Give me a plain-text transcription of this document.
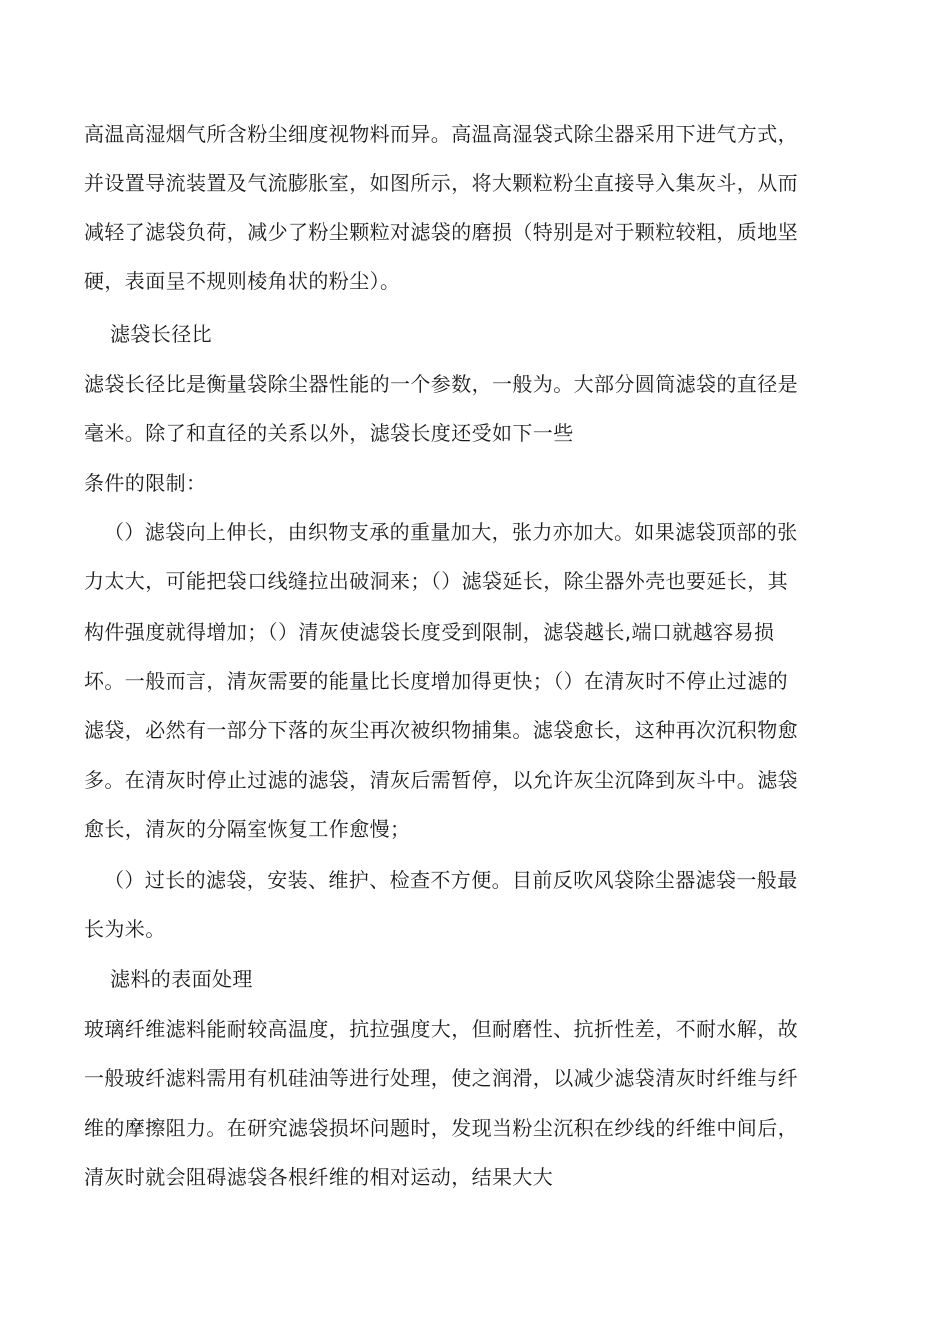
高温高湿烟气所含粉尘细度视物料而异。高温高湿袋式除尘器采用下进气方式，
并设置导流装置及气流膨胀室，如图所示，将大颗粒粉尘直接导入集灰斗，从而
减轻了滤袋负荷，减少了粉尘颗粒对滤袋的磨损（特别是对于颗粒较粗，质地坚
硬，表面呈不规则棱角状的粉尘）。
滤袋长径比
滤袋长径比是衡量袋除尘器性能的一个参数，一般为。大部分圆筒滤袋的直径是
毫米。除了和直径的关系以外，滤袋长度还受如下一些
条件的限制：
（）滤袋向上伸长，由织物支承的重量加大，张力亦加大。如果滤袋顶部的张
力太大，可能把袋口线缝拉出破洞来；（）滤袋延长，除尘器外壳也要延长，其
构件强度就得增加；（）清灰使滤袋长度受到限制，滤袋越长,端口就越容易损
坏。一般而言，清灰需要的能量比长度增加得更快；（）在清灰时不停止过滤的
滤袋，必然有一部分下落的灰尘再次被织物捕集。滤袋愈长，这种再次沉积物愈
多。在清灰时停止过滤的滤袋，清灰后需暂停，以允许灰尘沉降到灰斗中。滤袋
愈长，清灰的分隔室恢复工作愈慢；
（）过长的滤袋，安装、维护、检查不方便。目前反吹风袋除尘器滤袋一般最
长为米。
滤料的表面处理
玻璃纤维滤料能耐较高温度，抗拉强度大，但耐磨性、抗折性差，不耐水解，故
一般玻纤滤料需用有机硅油等进行处理，使之润滑，以减少滤袋清灰时纤维与纤
维的摩擦阻力。在研究滤袋损坏问题时，发现当粉尘沉积在纱线的纤维中间后，
清灰时就会阻碍滤袋各根纤维的相对运动，结果大大
